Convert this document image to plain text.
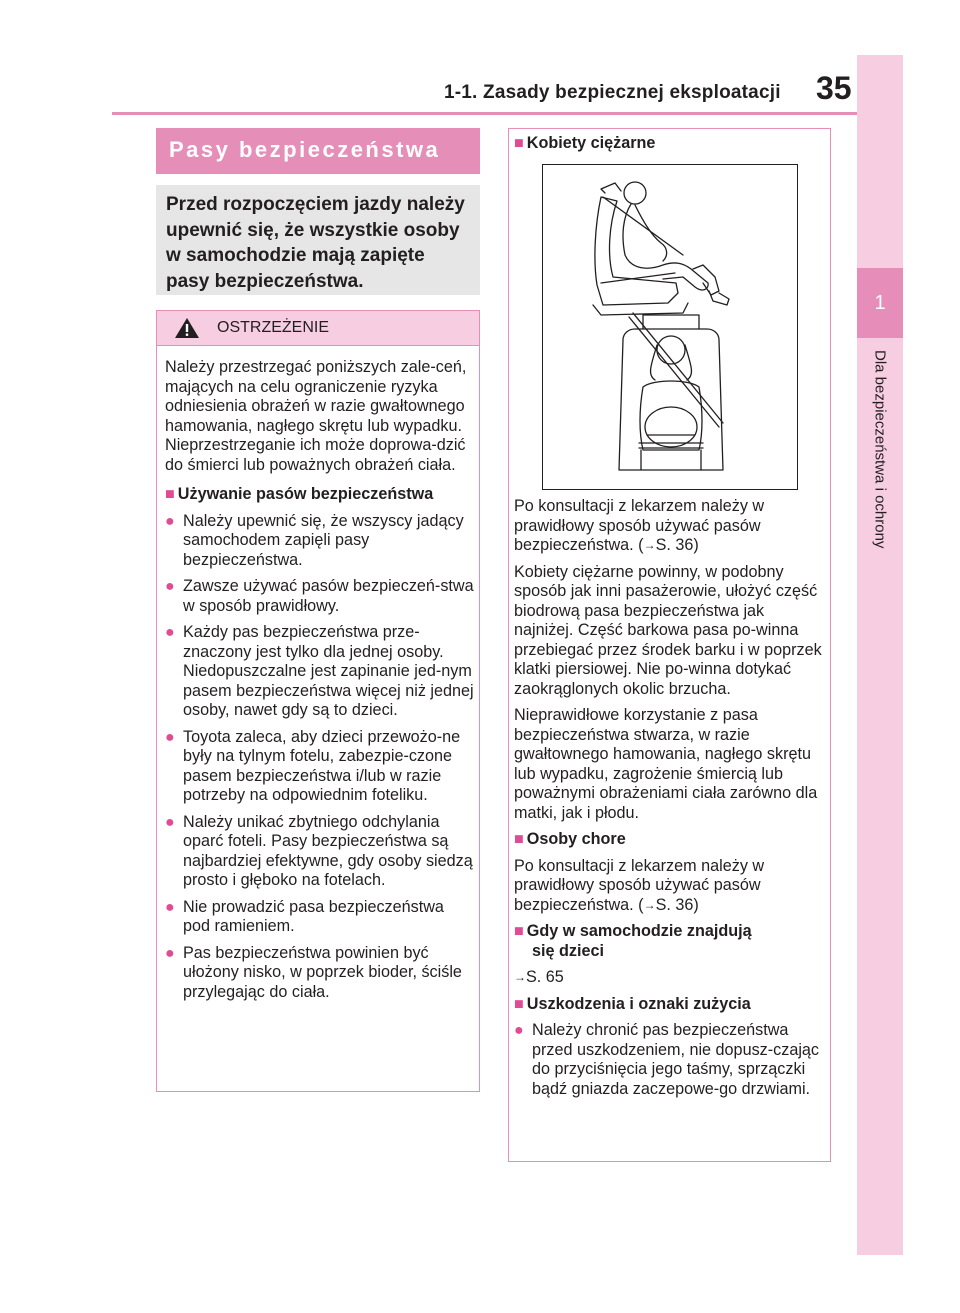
1-1. Zasady bezpiecznej eksploatacji 35
1
Dla bezpieczeństwa i ochrony
Pasy bezpieczeństwa

Przed rozpoczęciem jazdy należy upewnić się, że wszystkie osoby w samochodzie mają zapięte pasy bezpieczeństwa.

OSTRZEŻENIE

Należy przestrzegać poniższych zale-ceń, mających na celu ograniczenie ryzyka odniesienia obrażeń w razie gwałtownego hamowania, nagłego skrętu lub wypadku. Nieprzestrzeganie ich może doprowa-dzić do śmierci lub poważnych obrażeń ciała.

■ Używanie pasów bezpieczeństwa

● Należy upewnić się, że wszyscy jadący samochodem zapięli pasy bezpieczeństwa.

● Zawsze używać pasów bezpieczeń-stwa w sposób prawidłowy.

● Każdy pas bezpieczeństwa prze-znaczony jest tylko dla jednej osoby. Niedopuszczalne jest zapinanie jed-nym pasem bezpieczeństwa więcej niż jednej osoby, nawet gdy są to dzieci.

● Toyota zaleca, aby dzieci przewożo-ne były na tylnym fotelu, zabezpie-czone pasem bezpieczeństwa i/lub w razie potrzeby na odpowiednim foteliku.

● Należy unikać zbytniego odchylania oparć foteli. Pasy bezpieczeństwa są najbardziej efektywne, gdy osoby siedzą prosto i głęboko na fotelach.

● Nie prowadzić pasa bezpieczeństwa pod ramieniem.

● Pas bezpieczeństwa powinien być ułożony nisko, w poprzek bioder, ściśle przylegając do ciała.

■ Kobiety ciężarne

Po konsultacji z lekarzem należy w prawidłowy sposób używać pasów bezpieczeństwa. (→S. 36)

Kobiety ciężarne powinny, w podobny sposób jak inni pasażerowie, ułożyć część biodrową pasa bezpieczeństwa jak najniżej. Część barkowa pasa po-winna przebiegać przez środek barku i w poprzek klatki piersiowej. Nie po-winna dotykać zaokrąglonych okolic brzucha.

Nieprawidłowe korzystanie z pasa bezpieczeństwa stwarza, w razie gwałtownego hamowania, nagłego skrętu lub wypadku, zagrożenie śmiercią lub poważnymi obrażeniami ciała zarówno dla matki, jak i płodu.

■ Osoby chore

Po konsultacji z lekarzem należy w prawidłowy sposób używać pasów bezpieczeństwa. (→S. 36)

■ Gdy w samochodzie znajdują

się dzieci

→S. 65

■ Uszkodzenia i oznaki zużycia

● Należy chronić pas bezpieczeństwa przed uszkodzeniem, nie dopusz-czając do przyciśnięcia jego taśmy, sprzączki bądź gniazda zaczepowe-go drzwiami.
